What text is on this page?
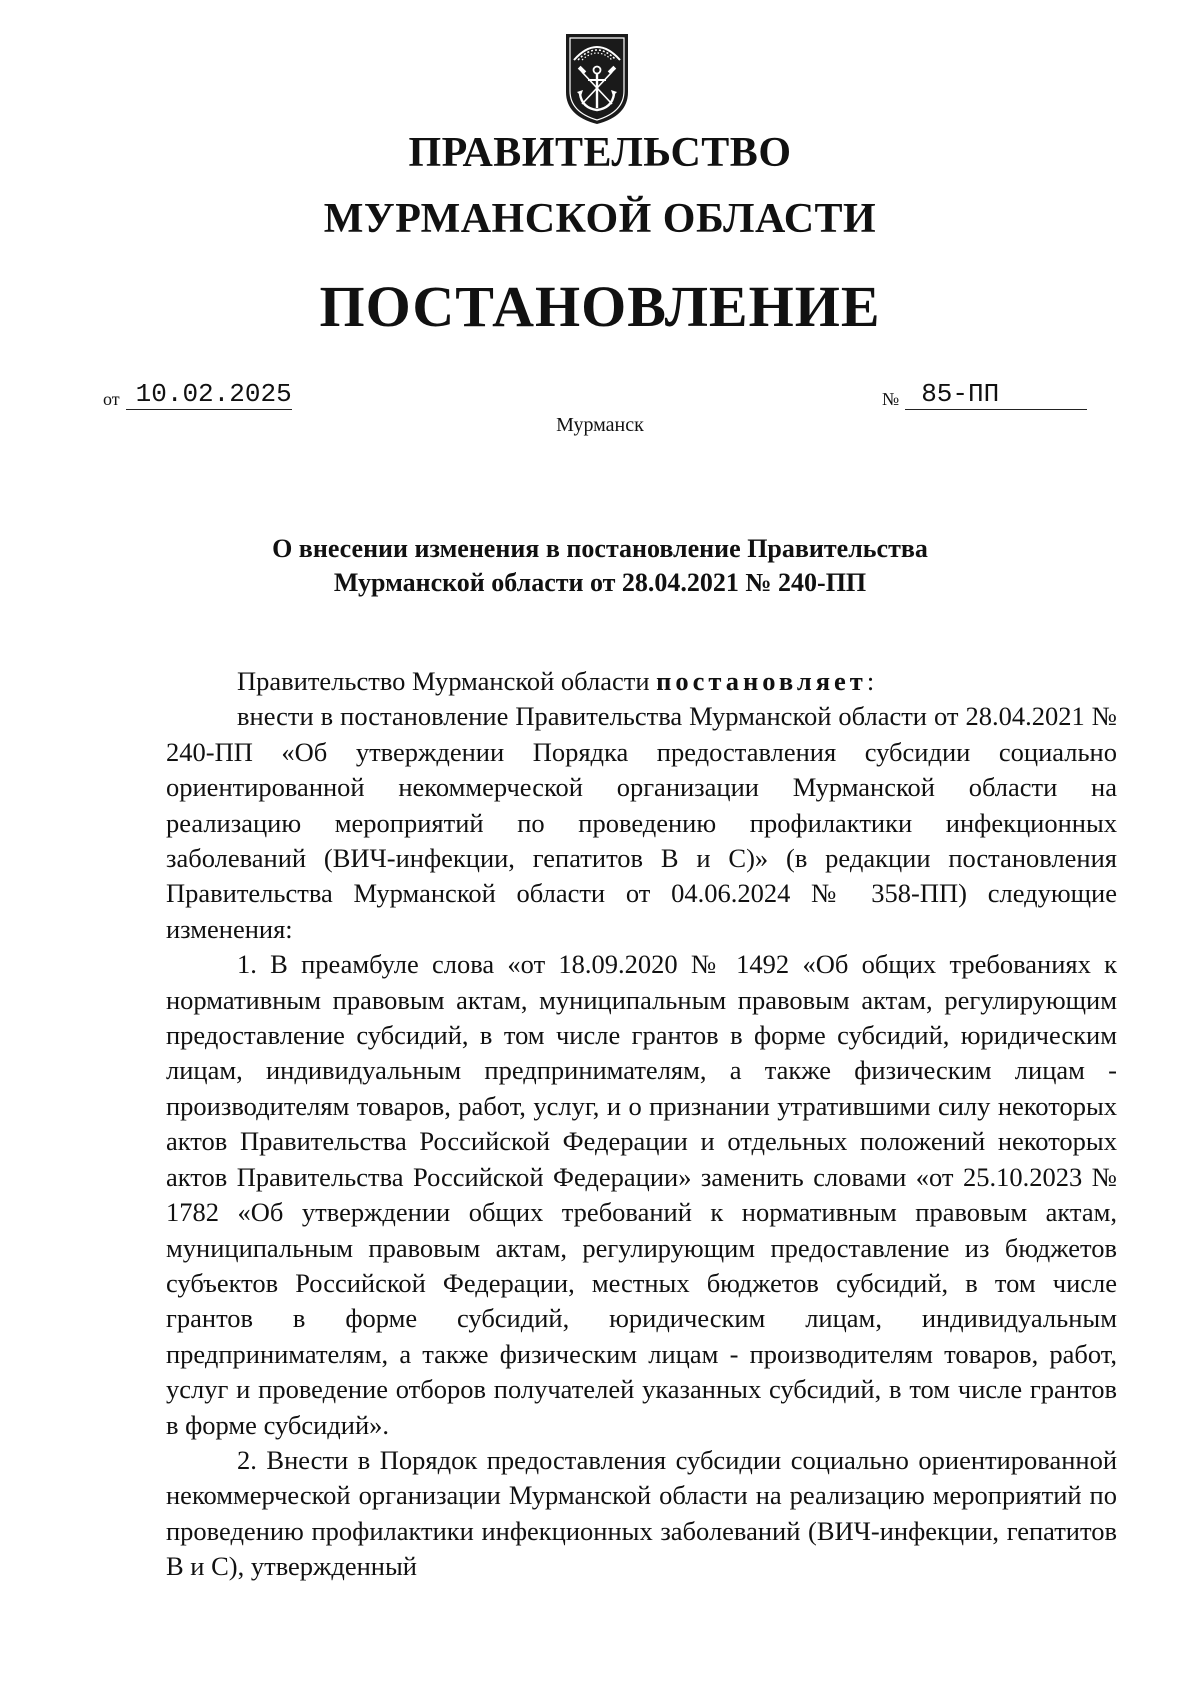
ПРАВИТЕЛЬСТВО
МУРМАНСКОЙ ОБЛАСТИ
ПОСТАНОВЛЕНИЕ
от 10.02.2025	№ 85-ПП
Мурманск
О внесении изменения в постановление Правительства
Мурманской области от 28.04.2021 № 240-ПП

Правительство Мурманской области постановляет:

внести в постановление Правительства Мурманской области от 28.04.2021 № 240-ПП «Об утверждении Порядка предоставления субсидии социально ориентированной некоммерческой организации Мурманской области на реализацию мероприятий по проведению профилактики инфекционных заболеваний (ВИЧ-инфекции, гепатитов В и С)» (в редакции постановления Правительства Мурманской области от 04.06.2024 № 358-ПП) следующие изменения:

1. В преамбуле слова «от 18.09.2020 № 1492 «Об общих требованиях к нормативным правовым актам, муниципальным правовым актам, регулирующим предоставление субсидий, в том числе грантов в форме субсидий, юридическим лицам, индивидуальным предпринимателям, а также физическим лицам - производителям товаров, работ, услуг, и о признании утратившими силу некоторых актов Правительства Российской Федерации и отдельных положений некоторых актов Правительства Российской Федерации» заменить словами «от 25.10.2023 № 1782 «Об утверждении общих требований к нормативным правовым актам, муниципальным правовым актам, регулирующим предоставление из бюджетов субъектов Российской Федерации, местных бюджетов субсидий, в том числе грантов в форме субсидий, юридическим лицам, индивидуальным предпринимателям, а также физическим лицам - производителям товаров, работ, услуг и проведение отборов получателей указанных субсидий, в том числе грантов в форме субсидий».

2. Внести в Порядок предоставления субсидии социально ориентированной некоммерческой организации Мурманской области на реализацию мероприятий по проведению профилактики инфекционных заболеваний (ВИЧ-инфекции, гепатитов В и С), утвержденный
